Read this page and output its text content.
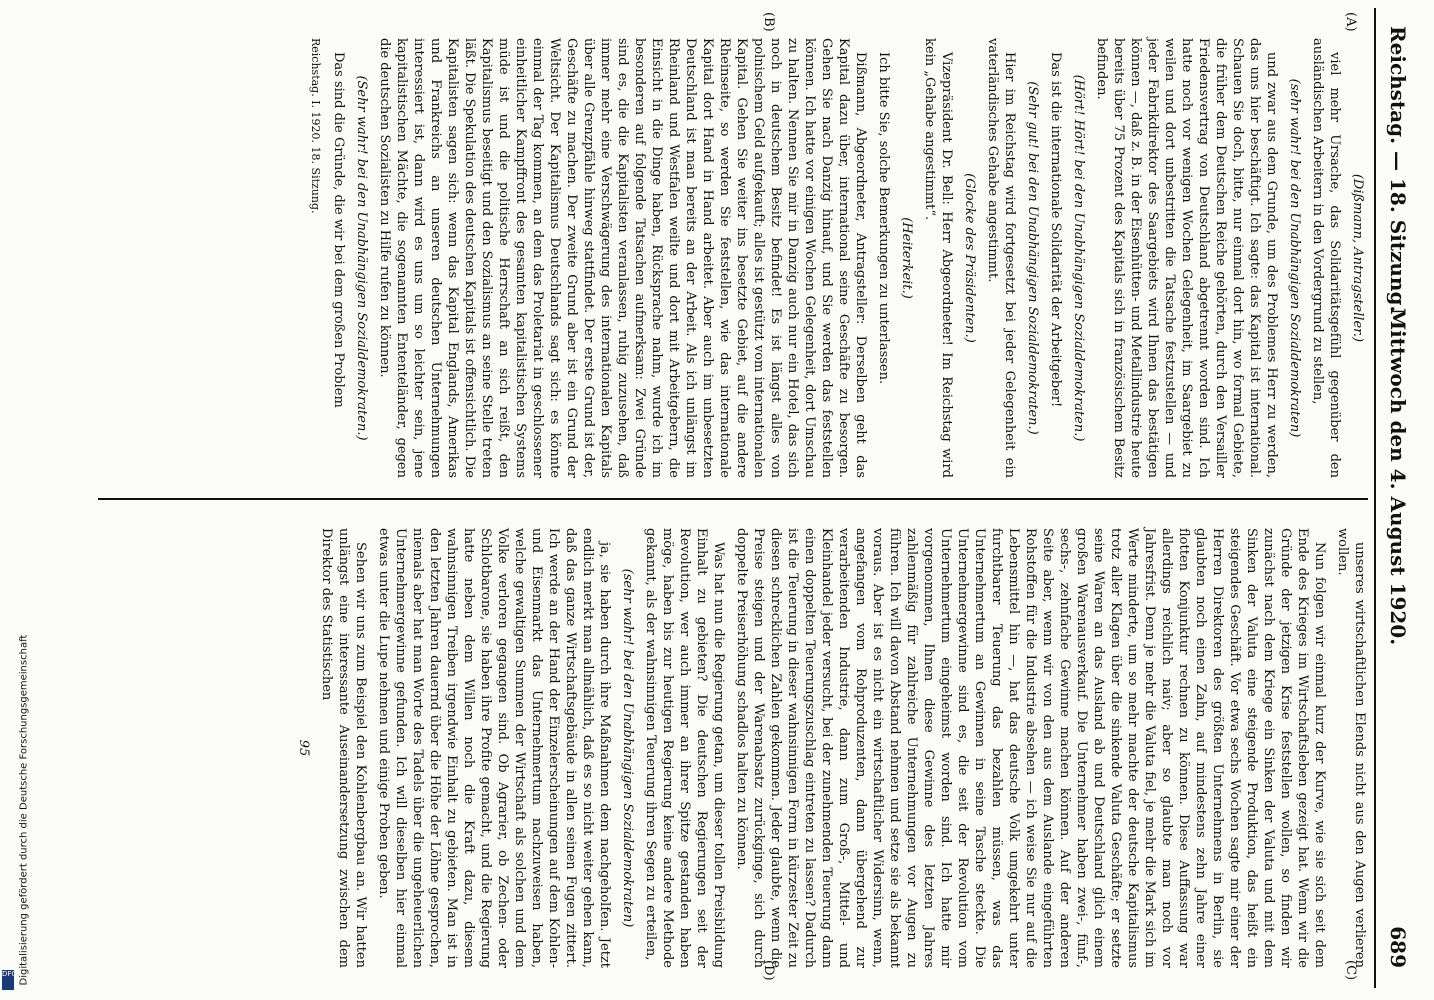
Reichstag. — 18. Sitzung.
Mittwoch den 4. August 1920.
689
(A)
(B)
(C)
(D)

(Dißmann, Antragsteller.)

viel mehr Ursache, das Solidaritätsgefühl gegenüber den ausländischen Arbeitern in den Vordergrund zu stellen,

(sehr wahr! bei den Unabhängigen Sozialdemokraten)

und zwar aus dem Grunde, um des Problemes Herr zu werden, das uns hier beschäftigt. Ich sagte: das Kapital ist international. Schauen Sie doch, bitte, nur einmal dort hin, wo formal Gebiete, die früher dem Deutschen Reiche gehörten, durch den Versailler Friedensvertrag von Deutschland abgetrennt worden sind. Ich hatte noch vor wenigen Wochen Gelegenheit, im Saargebiet zu weilen und dort unbestritten die Tatsache festzustellen — und jeder Fabrikdirektor des Saargebiets wird Ihnen das bestätigen können —, daß z. B. in der Eisenhütten- und Metallindustrie heute bereits über 75 Prozent des Kapitals sich in französischem Besitz befinden.

(Hört! Hört! bei den Unabhängigen Sozialdemokraten.)

Das ist die internationale Solidarität der Arbeitgeber!

(Sehr gut! bei den Unabhängigen Sozialdemokraten.)

Hier im Reichstag wird fortgesetzt bei jeder Gelegenheit ein vaterländisches Gehabe angestimmt.

(Glocke des Präsidenten.)

Vizepräsident Dr. Bell: Herr Abgeordneter! Im Reichstag wird kein „Gehabe angestimmt“.

(Heiterkeit.)

Ich bitte Sie, solche Bemerkungen zu unterlassen.

Dißmann, Abgeordneter, Antragsteller: Derselben geht das Kapital dazu über, international seine Geschäfte zu besorgen. Gehen Sie nach Danzig hinauf, und Sie werden das feststellen können. Ich hatte vor einigen Wochen Gelegenheit, dort Umschau zu halten. Nennen Sie mir in Danzig auch nur ein Hotel, das sich noch in deutschem Besitz befindet! Es ist längst alles von polnischem Geld aufgekauft; alles ist gestützt vom internationalen Kapital. Gehen Sie weiter ins besetzte Gebiet, auf die andere Rheinseite, so werden Sie feststellen, wie das internationale Kapital dort Hand in Hand arbeitet. Aber auch im unbesetzten Deutschland ist man bereits an der Arbeit. Als ich unlängst im Rheinland und Westfalen weilte und dort mit Arbeitgebern, die Einsicht in die Dinge haben, Rücksprache nahm, wurde ich im besonderen auf folgende Tatsachen aufmerksam: Zwei Gründe sind es, die die Kapitalisten veranlassen, ruhig zuzusehen, daß immer mehr eine Verschwägerung des internationalen Kapitals über alle Grenzpfähle hinweg stattfindet. Der erste Grund ist der, Geschäfte zu machen. Der zweite Grund aber ist ein Grund der Weltsicht. Der Kapitalismus Deutschlands sagt sich: es könnte einmal der Tag kommen, an dem das Proletariat in geschlossener einheitlicher Kampffront des gesamten kapitalistischen Systems müde ist und die politische Herrschaft an sich reißt, den Kapitalismus beseitigt und den Sozialismus an seine Stelle treten läßt. Die Spekulation des deutschen Kapitals ist offensichtlich. Die Kapitalisten sagen sich: wenn das Kapital Englands, Amerikas und Frankreichs an unseren deutschen Unternehmungen interessiert ist, dann wird es uns um so leichter sein, jene kapitalistischen Mächte, die sogenannten Ententeländer, gegen die deutschen Sozialisten zu Hilfe rufen zu können.

(Sehr wahr! bei den Unabhängigen Sozialdemokraten.)

Das sind die Gründe, die wir bei dem großen Problem

Reichstag. I. 1920. 18. Sitzung.

unseres wirtschaftlichen Elends nicht aus den Augen verlieren wollen.

Nun folgen wir einmal kurz der Kurve, wie sie sich seit dem Ende des Krieges im Wirtschaftsleben gezeigt hat. Wenn wir die Gründe der jetzigen Krise feststellen wollen, so finden wir zunächst nach dem Kriege ein Sinken der Valuta und mit dem Sinken der Valuta eine steigende Produktion, das heißt ein steigendes Geschäft. Vor etwa sechs Wochen sagte mir einer der Herren Direktoren des größten Unternehmens in Berlin, sie glaubten noch einen Zahn, auf mindestens zehn Jahre einer flotten Konjunktur rechnen zu können. Diese Auffassung war allerdings reichlich naiv; aber so glaubte man noch vor Jahresfrist. Denn je mehr die Valuta fiel, je mehr die Mark sich im Werte minderte, um so mehr machte der deutsche Kapitalismus trotz aller Klagen über die sinkende Valuta Geschäfte; er setzte seine Waren an das Ausland ab und Deutschland glich einem großen Warenausverkauf. Die Unternehmer haben zwei-, fünf-, sechs-, zehnfache Gewinne machen können. Auf der anderen Seite aber, wenn wir von den aus dem Auslande eingeführten Rohstoffen für die Industrie absehen — ich weise Sie nur auf die Lebensmittel hin —, hat das deutsche Volk umgekehrt unter furchtbarer Teuerung das bezahlen müssen, was das Unternehmertum an Gewinnen in seine Tasche steckte. Die Unternehmergewinne sind es, die seit der Revolution vom Unternehmertum eingeheimst worden sind. Ich hatte mir vorgenommen, Ihnen diese Gewinne des letzten Jahres zahlenmäßig für zahlreiche Unternehmungen vor Augen zu führen. Ich will davon Abstand nehmen und setze sie als bekannt voraus. Aber ist es nicht ein wirtschaftlicher Widersinn, wenn, angefangen vom Rohproduzenten, dann übergehend zur verarbeitenden Industrie, dann zum Groß-, Mittel- und Kleinhandel jeder versucht, bei der zunehmenden Teuerung dann einen doppelten Teuerungszuschlag eintreten zu lassen? Dadurch ist die Teuerung in dieser wahnsinnigen Form in kürzester Zeit zu diesen schrecklichen Zahlen gekommen. Jeder glaubte, wenn die Preise steigen und der Warenabsatz zurückginge, sich durch doppelte Preiserhöhung schadlos halten zu können.

Was hat nun die Regierung getan, um dieser tollen Preisbildung Einhalt zu gebieten? Die deutschen Regierungen seit der Revolution, wer auch immer an ihrer Spitze gestanden haben möge, haben bis zur heutigen Regierung keine andere Methode gekannt, als der wahnsinnigen Teuerung ihren Segen zu erteilen,

(sehr wahr! bei den Unabhängigen Sozialdemokraten)

ja, sie haben durch ihre Maßnahmen dem nachgeholfen. Jetzt endlich merkt man allmählich, daß es so nicht weiter gehen kann, daß das ganze Wirtschaftsgebäude in allen seinen Fugen zittert. Ich werde an der Hand der Einzelerscheinungen auf dem Kohlen- und Eisenmarkt das Unternehmertum nachzuweisen haben, welche gewaltigen Summen der Wirtschaft als solchen und dem Volke verloren gegangen sind. Ob Agrarier, ob Zechen- oder Schlotbarone, sie haben ihre Profite gemacht, und die Regierung hatte neben dem Willen noch die Kraft dazu, diesem wahnsinnigen Treiben irgendwie Einhalt zu gebieten. Man ist in den letzten Jahren dauernd über die Höhe der Löhne gesprochen, niemals aber hat man Worte des Tadels über die ungeheuerlichen Unternehmergewinne gefunden. Ich will dieselben hier einmal etwas unter die Lupe nehmen und einige Proben geben.

Sehen wir uns zum Beispiel den Kohlenbergbau an. Wir hatten unlängst eine interessante Auseinandersetzung zwischen dem Direktor des Statistischen

95

Digitalisierung gefördert durch die Deutsche Forschungsgemeinschaft
DFG
